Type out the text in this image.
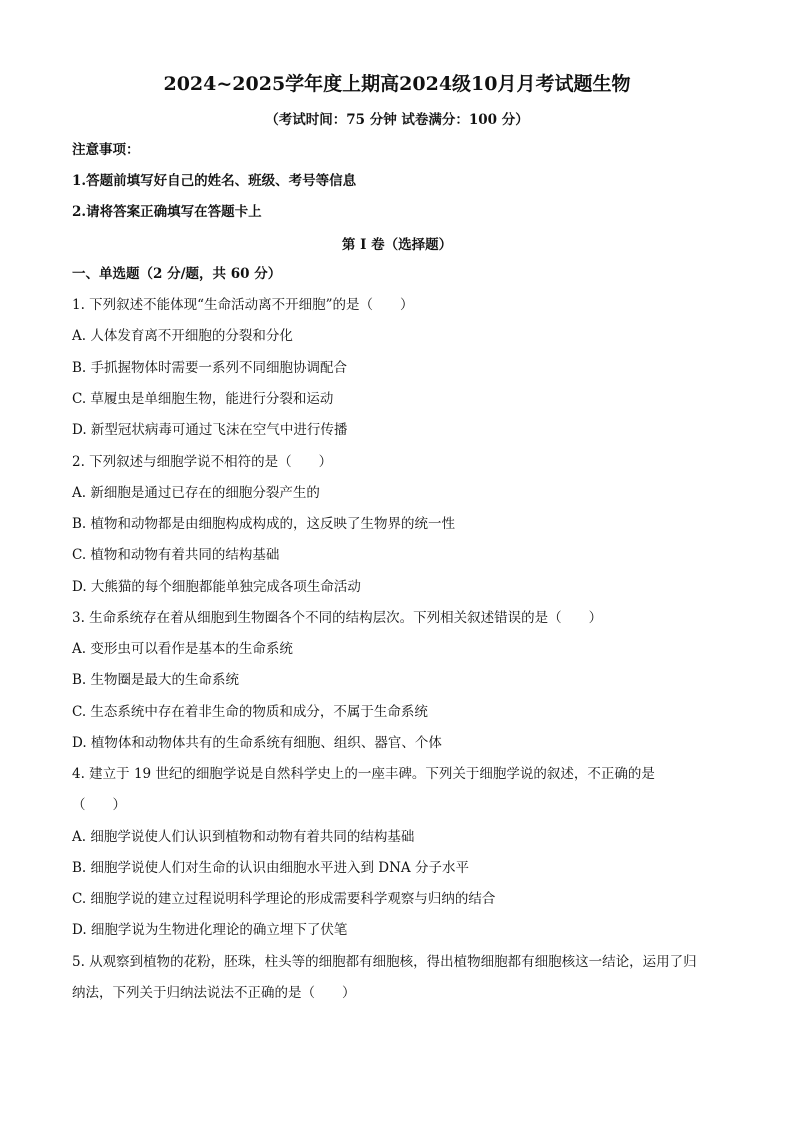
2024~2025学年度上期高2024级10月月考试题生物
（考试时间：75 分钟 试卷满分：100 分）
注意事项：
1.答题前填写好自己的姓名、班级、考号等信息
2.请将答案正确填写在答题卡上
第 I 卷（选择题）
一、单选题（2 分/题，共 60 分）
1. 下列叙述不能体现“生命活动离不开细胞”的是（　　）
A. 人体发育离不开细胞的分裂和分化
B. 手抓握物体时需要一系列不同细胞协调配合
C. 草履虫是单细胞生物，能进行分裂和运动
D. 新型冠状病毒可通过飞沫在空气中进行传播
2. 下列叙述与细胞学说不相符的是（　　）
A. 新细胞是通过已存在的细胞分裂产生的
B. 植物和动物都是由细胞构成构成的，这反映了生物界的统一性
C. 植物和动物有着共同的结构基础
D. 大熊猫的每个细胞都能单独完成各项生命活动
3. 生命系统存在着从细胞到生物圈各个不同的结构层次。下列相关叙述错误的是（　　）
A. 变形虫可以看作是基本的生命系统
B. 生物圈是最大的生命系统
C. 生态系统中存在着非生命的物质和成分，不属于生命系统
D. 植物体和动物体共有的生命系统有细胞、组织、器官、个体
4. 建立于 19 世纪的细胞学说是自然科学史上的一座丰碑。下列关于细胞学说的叙述，不正确的是
（　　）
A. 细胞学说使人们认识到植物和动物有着共同的结构基础
B. 细胞学说使人们对生命的认识由细胞水平进入到 DNA 分子水平
C. 细胞学说的建立过程说明科学理论的形成需要科学观察与归纳的结合
D. 细胞学说为生物进化理论的确立埋下了伏笔
5. 从观察到植物的花粉，胚珠，柱头等的细胞都有细胞核，得出植物细胞都有细胞核这一结论，运用了归
纳法，下列关于归纳法说法不正确的是（　　）
